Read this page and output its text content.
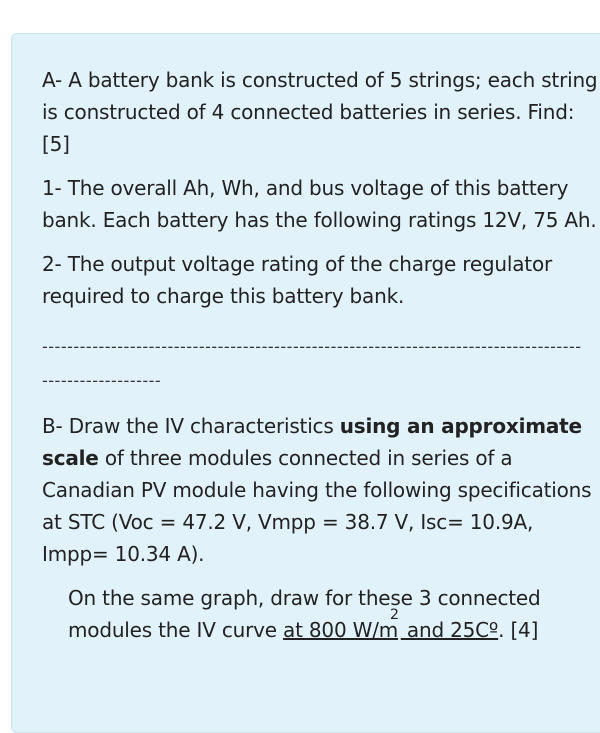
A- A battery bank is constructed of 5 strings; each string is constructed of 4 connected batteries in series. Find: [5]

1- The overall Ah, Wh, and bus voltage of this battery bank. Each battery has the following ratings 12V, 75 Ah.

2- The output voltage rating of the charge regulator required to charge this battery bank.

--------------------------------------------------------------------------------------
-------------------

B- Draw the IV characteristics using an approximate scale of three modules connected in series of a Canadian PV module having the following specifications at STC (Voc = 47.2 V, Vmpp = 38.7 V, Isc= 10.9A, Impp= 10.34 A).

On the same graph, draw for these 3 connected modules the IV curve at 800 $W/m^2$ and 25Cº. [4]
